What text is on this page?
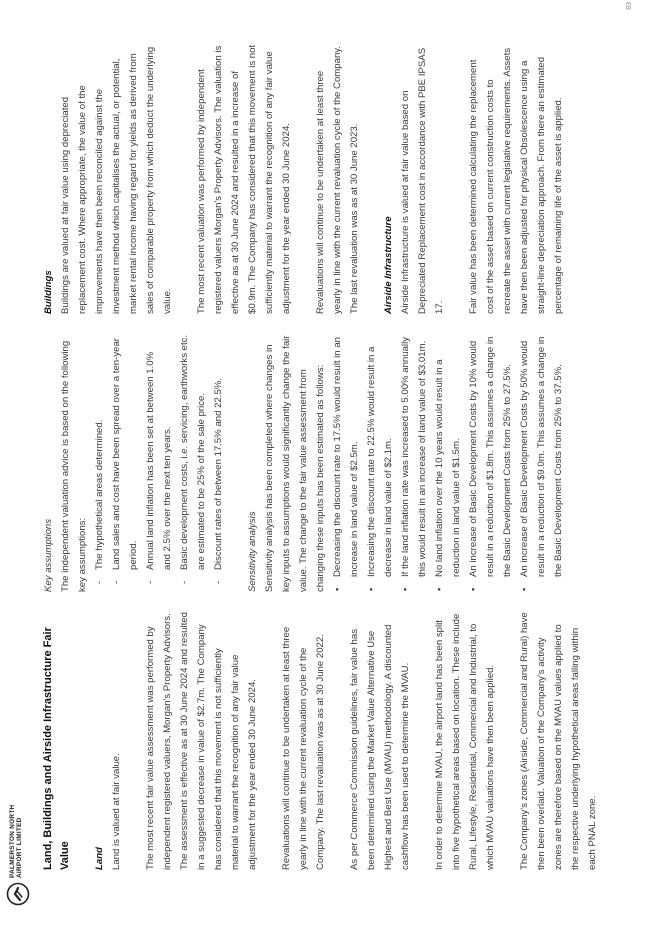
PALMERSTON NORTH AIRPORT LIMITED Land, Buildings and Airside Infrastructure Fair Value	Land Land is valued at fair value.	The most recent fair value assessment was performed by independent registered valuers, Morgan's Property Advisors. The assessment is effective as at 30 June 2024 and resulted in a suggested decrease in value of $2.7m. The Company has considered that this movement is not sufficiently material to warrant the recognition of any fair value adjustment for the year ended 30 June 2024.	Revaluations will continue to be undertaken at least three yearly in line with the current revaluation cycle of the Company. The last revaluation was as at 30 June 2022.	As per Commerce Commission guidelines, fair value has been determined using the Market Value Alternative Use Highest and Best Use (MVAU) methodology. A discounted cashflow has been used to determine the MVAU.	In order to determine MVAU, the airport land has been split into five hypothetical areas based on location. These include Rural, Lifestyle, Residential, Commercial and Industrial, to which MVAU valuations have then been applied.	The Company's zones (Airside, Commercial and Rural) have then been overlaid. Valuation of the Company's activity zones are therefore based on the MVAU values applied to the respective underlying hypothetical areas falling within each PNAL zone.

Key assumptions The independent valuation advice is based on the following key assumptions: - The hypothetical areas determined. - Land sales and cost have been spread over a ten-year period. - Annual land inflation has been set at between 1.0% and 2.5% over the next ten years. - Basic development costs, i.e. servicing, earthworks etc. are estimated to be 25% of the sale price. - Discount rates of between 17.5% and 22.5%.	Sensitivity analysis Sensitivity analysis has been completed where changes in key inputs to assumptions would significantly change the fair value. The change to the fair value assessment from changing these inputs has been estimated as follows: ▪ Decreasing the discount rate to 17.5% would result in an increase in land value of $2.5m. ▪ Increasing the discount rate to 22.5% would result in a decrease in land value of $2.1m. ▪ If the land inflation rate was increased to 5.00% annually this would result in an increase of land value of $3.01m. ▪ No land inflation over the 10 years would result in a reduction in land value of $1.5m. ▪ An increase of Basic Development Costs by 10% would result in a reduction of $1.8m. This assumes a change in the Basic Development Costs from 25% to 27.5%. ▪ An increase of Basic Development Costs by 50% would result in a reduction of $9.0m. This assumes a change in the Basic Development Costs from 25% to 37.5%.

Buildings Buildings are valued at fair value using depreciated replacement cost. Where appropriate, the value of the improvements have then been reconciled against the investment method which capitalises the actual, or potential, market rental income having regard for yields as derived from sales of comparable property from which deduct the underlying value.	The most recent valuation was performed by independent registered valuers Morgan's Property Advisors. The valuation is effective as at 30 June 2024 and resulted in a increase of $0.9m. The Company has considered that this movement is not sufficiently material to warrant the recognition of any fair value adjustment for the year ended 30 June 2024.	Revaluations will continue to be undertaken at least three yearly in line with the current revaluation cycle of the Company. The last revaluation was as at 30 June 2023.	Airside Infrastructure Airside Infrastructure is valued at fair value based on Depreciated Replacement cost in accordance with PBE IPSAS 17.	Fair value has been determined calculating the replacement cost of the asset based on current construction costs to recreate the asset with current legislative requirements. Assets have then been adjusted for physical Obsolescence using a straight-line depreciation approach. From there an estimated percentage of remaining life of the asset is applied.

83
